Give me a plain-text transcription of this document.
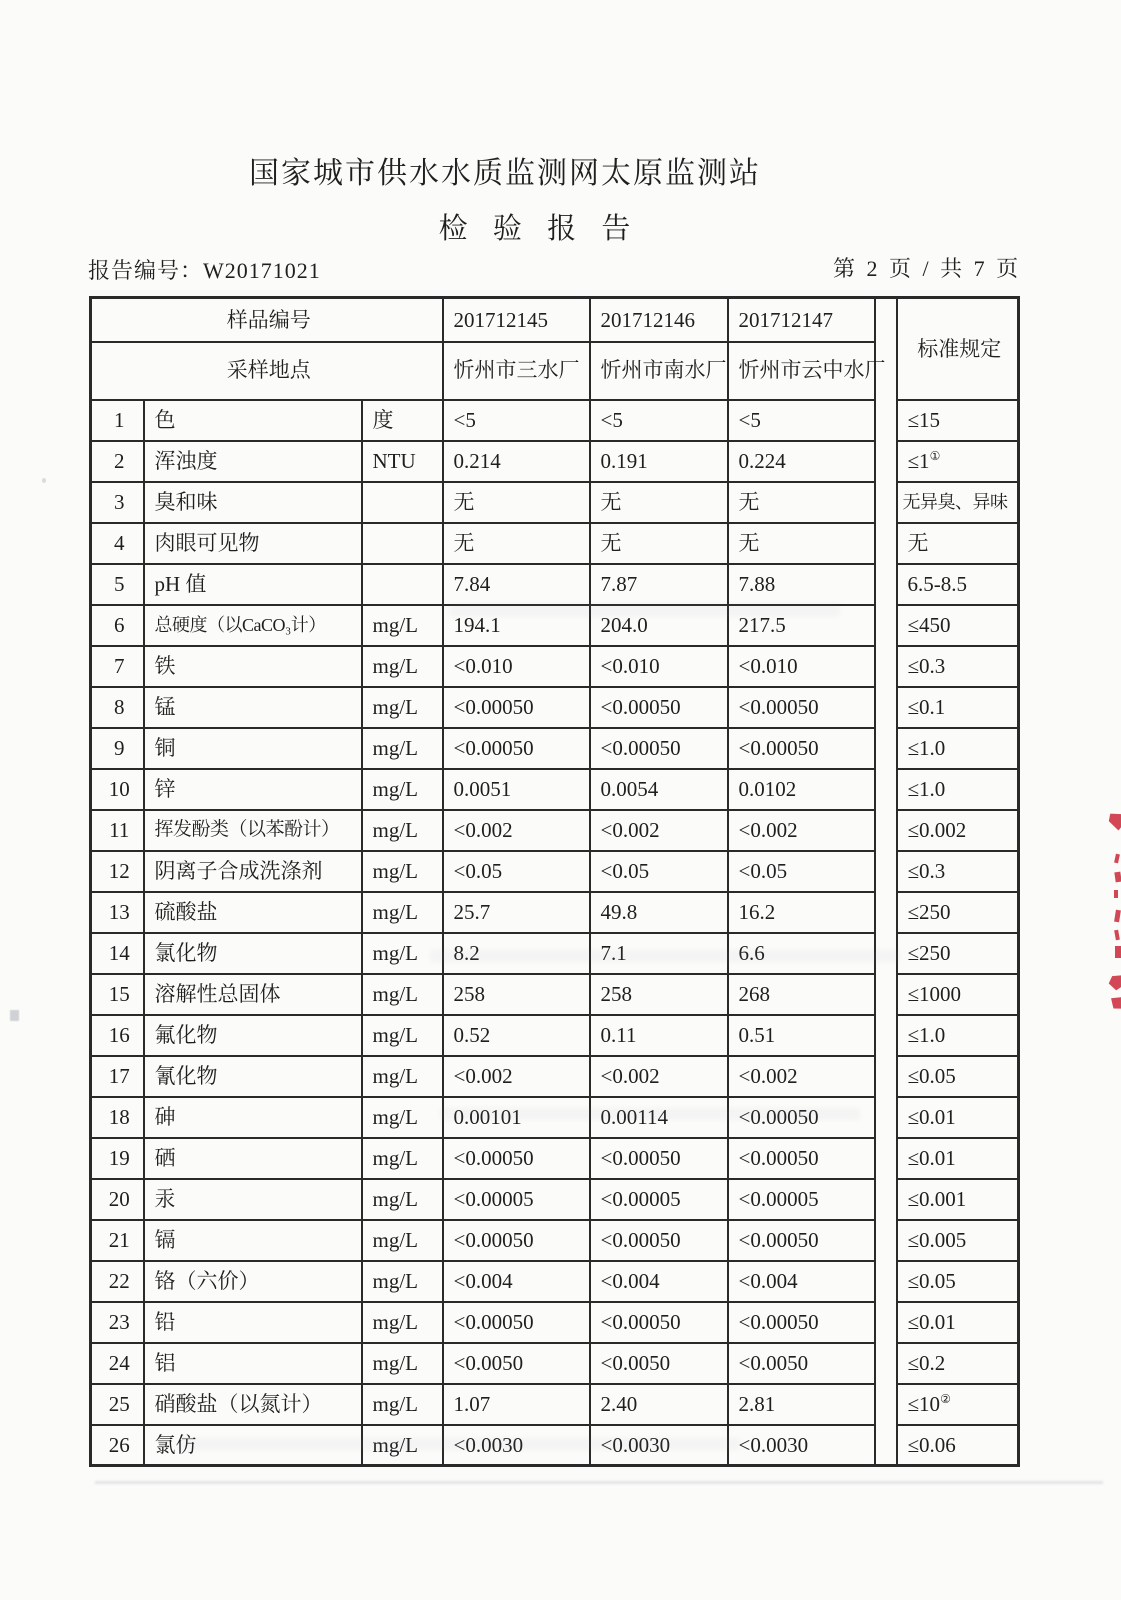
国家城市供水水质监测网太原监测站
检 验 报 告
报告编号：W20171021	第 2 页 / 共 7 页
样品编号			201712145	201712146	201712147		标准规定
采样地点			忻州市三水厂	忻州市南水厂	忻州市云中水厂		
1	色	度	<5	<5	<5		≤15
2	浑浊度	NTU	0.214	0.191	0.224		≤1①
3	臭和味		无	无	无		无异臭、异味
4	肉眼可见物		无	无	无		无
5	pH 值		7.84	7.87	7.88		6.5-8.5
6	总硬度（以CaCO₃计）	mg/L	194.1	204.0	217.5		≤450
7	铁	mg/L	<0.010	<0.010	<0.010		≤0.3
8	锰	mg/L	<0.00050	<0.00050	<0.00050		≤0.1
9	铜	mg/L	<0.00050	<0.00050	<0.00050		≤1.0
10	锌	mg/L	0.0051	0.0054	0.0102		≤1.0
11	挥发酚类（以苯酚计）	mg/L	<0.002	<0.002	<0.002		≤0.002
12	阴离子合成洗涤剂	mg/L	<0.05	<0.05	<0.05		≤0.3
13	硫酸盐	mg/L	25.7	49.8	16.2		≤250
14	氯化物	mg/L	8.2	7.1	6.6		≤250
15	溶解性总固体	mg/L	258	258	268		≤1000
16	氟化物	mg/L	0.52	0.11	0.51		≤1.0
17	氰化物	mg/L	<0.002	<0.002	<0.002		≤0.05
18	砷	mg/L	0.00101	0.00114	<0.00050		≤0.01
19	硒	mg/L	<0.00050	<0.00050	<0.00050		≤0.01
20	汞	mg/L	<0.00005	<0.00005	<0.00005		≤0.001
21	镉	mg/L	<0.00050	<0.00050	<0.00050		≤0.005
22	铬（六价）	mg/L	<0.004	<0.004	<0.004		≤0.05
23	铅	mg/L	<0.00050	<0.00050	<0.00050		≤0.01
24	铝	mg/L	<0.0050	<0.0050	<0.0050		≤0.2
25	硝酸盐（以氮计）	mg/L	1.07	2.40	2.81		≤10②
26	氯仿	mg/L	<0.0030	<0.0030	<0.0030		≤0.06
